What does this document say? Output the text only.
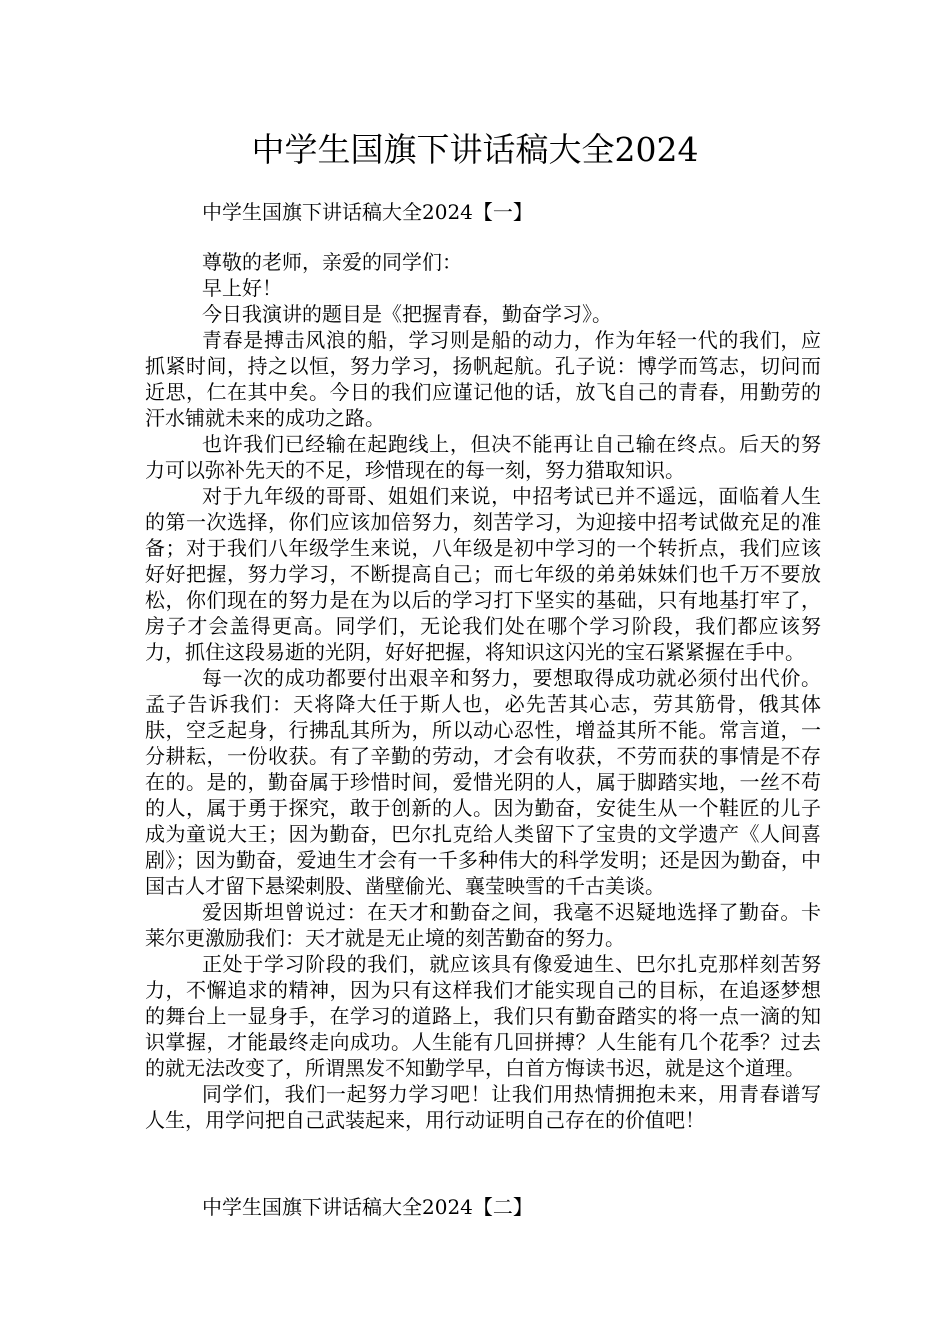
中学生国旗下讲话稿大全2024

中学生国旗下讲话稿大全2024【一】

尊敬的老师，亲爱的同学们：

早上好！

今日我演讲的题目是《把握青春，勤奋学习》。

青春是搏击风浪的船，学习则是船的动力，作为年轻一代的我们，应抓紧时间，持之以恒，努力学习，扬帆起航。孔子说：博学而笃志，切问而近思，仁在其中矣。今日的我们应谨记他的话，放飞自己的青春，用勤劳的汗水铺就未来的成功之路。

也许我们已经输在起跑线上，但决不能再让自己输在终点。后天的努力可以弥补先天的不足，珍惜现在的每一刻，努力猎取知识。

对于九年级的哥哥、姐姐们来说，中招考试已并不遥远，面临着人生的第一次选择，你们应该加倍努力，刻苦学习，为迎接中招考试做充足的准备；对于我们八年级学生来说，八年级是初中学习的一个转折点，我们应该好好把握，努力学习，不断提高自己；而七年级的弟弟妹妹们也千万不要放松，你们现在的努力是在为以后的学习打下坚实的基础，只有地基打牢了，房子才会盖得更高。同学们，无论我们处在哪个学习阶段，我们都应该努力，抓住这段易逝的光阴，好好把握，将知识这闪光的宝石紧紧握在手中。

每一次的成功都要付出艰辛和努力，要想取得成功就必须付出代价。孟子告诉我们：天将降大任于斯人也，必先苦其心志，劳其筋骨，俄其体肤，空乏起身，行拂乱其所为，所以动心忍性，增益其所不能。常言道，一分耕耘，一份收获。有了辛勤的劳动，才会有收获，不劳而获的事情是不存在的。是的，勤奋属于珍惜时间，爱惜光阴的人，属于脚踏实地，一丝不苟的人，属于勇于探究，敢于创新的人。因为勤奋，安徒生从一个鞋匠的儿子成为童说大王；因为勤奋，巴尔扎克给人类留下了宝贵的文学遗产《人间喜剧》；因为勤奋，爱迪生才会有一千多种伟大的科学发明；还是因为勤奋，中国古人才留下悬梁刺股、凿壁偷光、襄莹映雪的千古美谈。

爱因斯坦曾说过：在天才和勤奋之间，我毫不迟疑地选择了勤奋。卡莱尔更激励我们：天才就是无止境的刻苦勤奋的努力。

正处于学习阶段的我们，就应该具有像爱迪生、巴尔扎克那样刻苦努力，不懈追求的精神，因为只有这样我们才能实现自己的目标，在追逐梦想的舞台上一显身手，在学习的道路上，我们只有勤奋踏实的将一点一滴的知识掌握，才能最终走向成功。人生能有几回拼搏？人生能有几个花季？过去的就无法改变了，所谓黑发不知勤学早，白首方悔读书迟，就是这个道理。

同学们，我们一起努力学习吧！让我们用热情拥抱未来，用青春谱写人生，用学问把自己武装起来，用行动证明自己存在的价值吧！

中学生国旗下讲话稿大全2024【二】
